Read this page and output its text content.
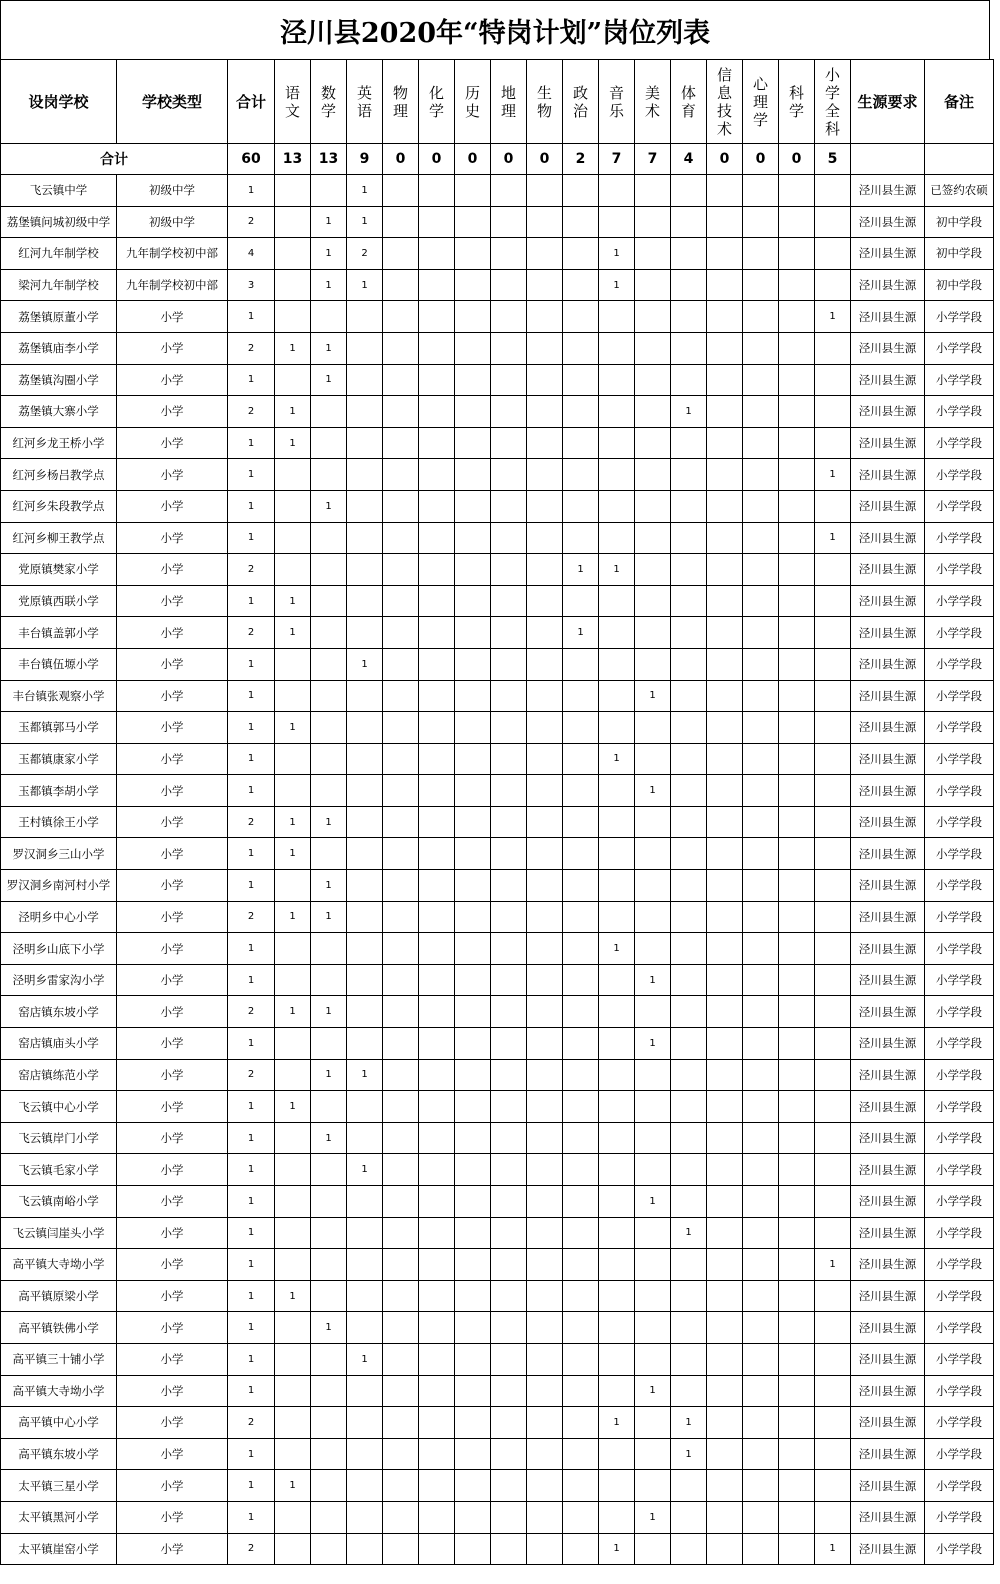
泾川县2020年“特岗计划”岗位列表
设岗学校	学校类型	合计	语文	数学	英语	物理	化学	历史	地理	生物	政治	音乐	美术	体育	信息技术	心理学	科学	小学全科	生源要求	备注
合计		60	13	13	9	0	0	0	0	0	2	7	7	4	0	0	0	5		
飞云镇中学	初级中学	1			1														泾川县生源	已签约农硕
荔堡镇问城初级中学	初级中学	2		1	1														泾川县生源	初中学段
红河九年制学校	九年制学校初中部	4		1	2							1							泾川县生源	初中学段
梁河九年制学校	九年制学校初中部	3		1	1							1							泾川县生源	初中学段
荔堡镇原董小学	小学	1																1	泾川县生源	小学学段
荔堡镇庙李小学	小学	2	1	1															泾川县生源	小学学段
荔堡镇沟圈小学	小学	1		1															泾川县生源	小学学段
荔堡镇大寨小学	小学	2	1											1					泾川县生源	小学学段
红河乡龙王桥小学	小学	1	1																泾川县生源	小学学段
红河乡杨吕教学点	小学	1																1	泾川县生源	小学学段
红河乡朱段教学点	小学	1		1															泾川县生源	小学学段
红河乡柳王教学点	小学	1																1	泾川县生源	小学学段
党原镇樊家小学	小学	2									1	1							泾川县生源	小学学段
党原镇西联小学	小学	1	1																泾川县生源	小学学段
丰台镇盖郭小学	小学	2	1								1								泾川县生源	小学学段
丰台镇伍塬小学	小学	1			1														泾川县生源	小学学段
丰台镇张观察小学	小学	1											1						泾川县生源	小学学段
玉都镇郭马小学	小学	1	1																泾川县生源	小学学段
玉都镇康家小学	小学	1										1							泾川县生源	小学学段
玉都镇李胡小学	小学	1											1						泾川县生源	小学学段
王村镇徐王小学	小学	2	1	1															泾川县生源	小学学段
罗汉洞乡三山小学	小学	1	1																泾川县生源	小学学段
罗汉洞乡南河村小学	小学	1		1															泾川县生源	小学学段
泾明乡中心小学	小学	2	1	1															泾川县生源	小学学段
泾明乡山底下小学	小学	1										1							泾川县生源	小学学段
泾明乡雷家沟小学	小学	1											1						泾川县生源	小学学段
窑店镇东坡小学	小学	2	1	1															泾川县生源	小学学段
窑店镇庙头小学	小学	1											1						泾川县生源	小学学段
窑店镇练范小学	小学	2		1	1														泾川县生源	小学学段
飞云镇中心小学	小学	1	1																泾川县生源	小学学段
飞云镇岸门小学	小学	1		1															泾川县生源	小学学段
飞云镇毛家小学	小学	1			1														泾川县生源	小学学段
飞云镇南峪小学	小学	1											1						泾川县生源	小学学段
飞云镇闫崖头小学	小学	1												1					泾川县生源	小学学段
高平镇大寺坳小学	小学	1																1	泾川县生源	小学学段
高平镇原梁小学	小学	1	1																泾川县生源	小学学段
高平镇铁佛小学	小学	1		1															泾川县生源	小学学段
高平镇三十铺小学	小学	1			1														泾川县生源	小学学段
高平镇大寺坳小学	小学	1											1						泾川县生源	小学学段
高平镇中心小学	小学	2										1		1					泾川县生源	小学学段
高平镇东坡小学	小学	1												1					泾川县生源	小学学段
太平镇三星小学	小学	1	1																泾川县生源	小学学段
太平镇黑河小学	小学	1											1						泾川县生源	小学学段
太平镇崖窑小学	小学	2										1						1	泾川县生源	小学学段
